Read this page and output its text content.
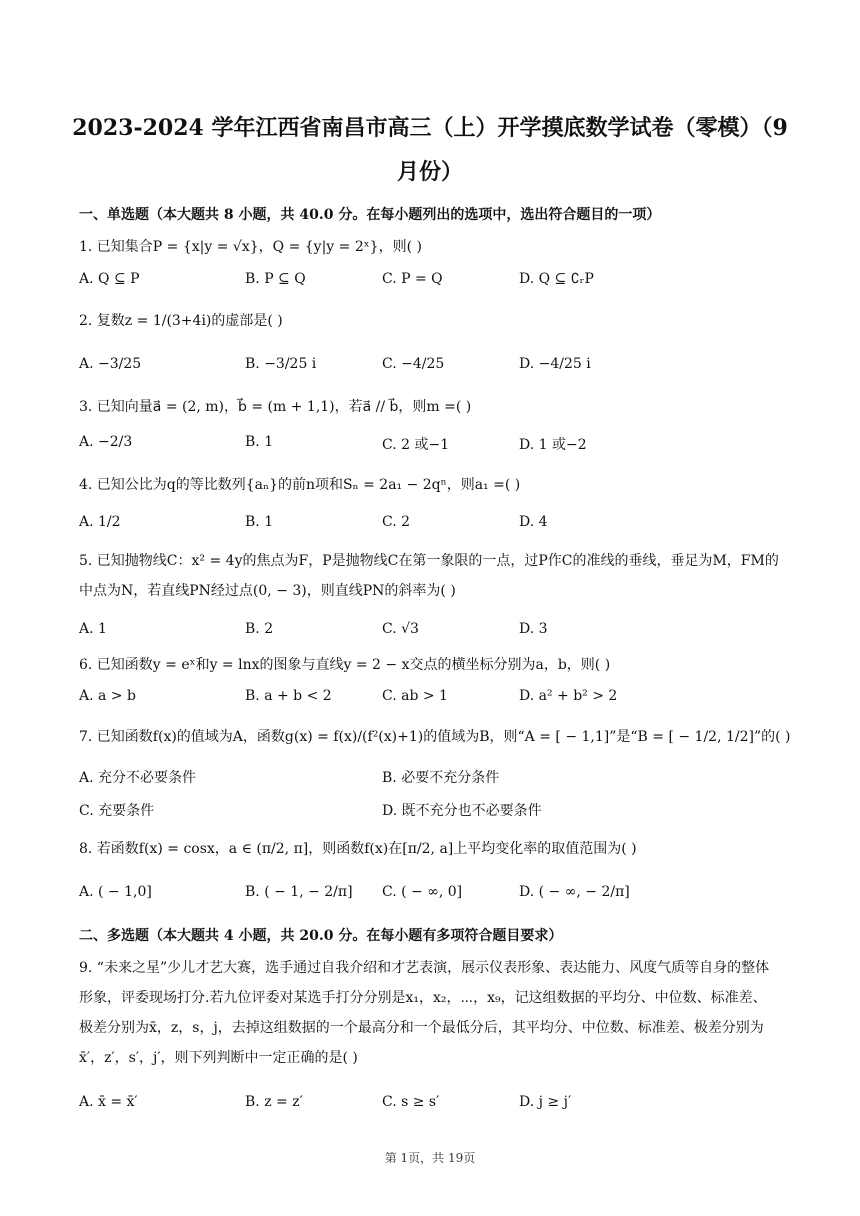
2023-2024 学年江西省南昌市高三（上）开学摸底数学试卷（零模）（9
月份）
一、单选题（本大题共 8 小题，共 40.0 分。在每小题列出的选项中，选出符合题目的一项）
1. 已知集合P = {x|y = √x}，Q = {y|y = 2ˣ}，则( )
A. Q ⊆ P	B. P ⊆ Q	C. P = Q	D. Q ⊆ ∁ᵣP
2. 复数z = 1/(3+4i)的虚部是( )
A. −3/25	B. −3/25 i	C. −4/25	D. −4/25 i
3. 已知向量a⃗ = (2, m)，b⃗ = (m + 1,1)，若a⃗ // b⃗，则m =( )
A. −2/3	B. 1	C. 2 或−1	D. 1 或−2
4. 已知公比为q的等比数列{aₙ}的前n项和Sₙ = 2a₁ − 2qⁿ，则a₁ =( )
A. 1/2	B. 1	C. 2	D. 4
5. 已知抛物线C：x² = 4y的焦点为F，P是抛物线C在第一象限的一点，过P作C的准线的垂线，垂足为M，FM的中点为N，若直线PN经过点(0, − 3)，则直线PN的斜率为( )
A. 1	B. 2	C. √3	D. 3
6. 已知函数y = eˣ和y = lnx的图象与直线y = 2 − x交点的横坐标分别为a，b，则( )
A. a > b	B. a + b < 2	C. ab > 1	D. a² + b² > 2
7. 已知函数f(x)的值域为A，函数g(x) = f(x)/(f²(x)+1)的值域为B，则“A = [ − 1,1]”是“B = [ − 1/2, 1/2]”的( )
A. 充分不必要条件	B. 必要不充分条件
C. 充要条件	D. 既不充分也不必要条件
8. 若函数f(x) = cosx，a ∈ (π/2, π]，则函数f(x)在[π/2, a]上平均变化率的取值范围为( )
A. ( − 1,0]	B. ( − 1, − 2/π] C. ( − ∞, 0]	D. ( − ∞, − 2/π]
二、多选题（本大题共 4 小题，共 20.0 分。在每小题有多项符合题目要求）
9. “未来之星”少儿才艺大赛，选手通过自我介绍和才艺表演，展示仪表形象、表达能力、风度气质等自身的整体形象，评委现场打分.若九位评委对某选手打分分别是x₁，x₂，⋯，x₉，记这组数据的平均分、中位数、标准差、极差分别为x̄，z，s，j，去掉这组数据的一个最高分和一个最低分后，其平均分、中位数、标准差、极差分别为x̄′，z′，s′，j′，则下列判断中一定正确的是( )
A. x̄ = x̄′	B. z = z′	C. s ≥ s′	D. j ≥ j′
第 1页，共 19页
